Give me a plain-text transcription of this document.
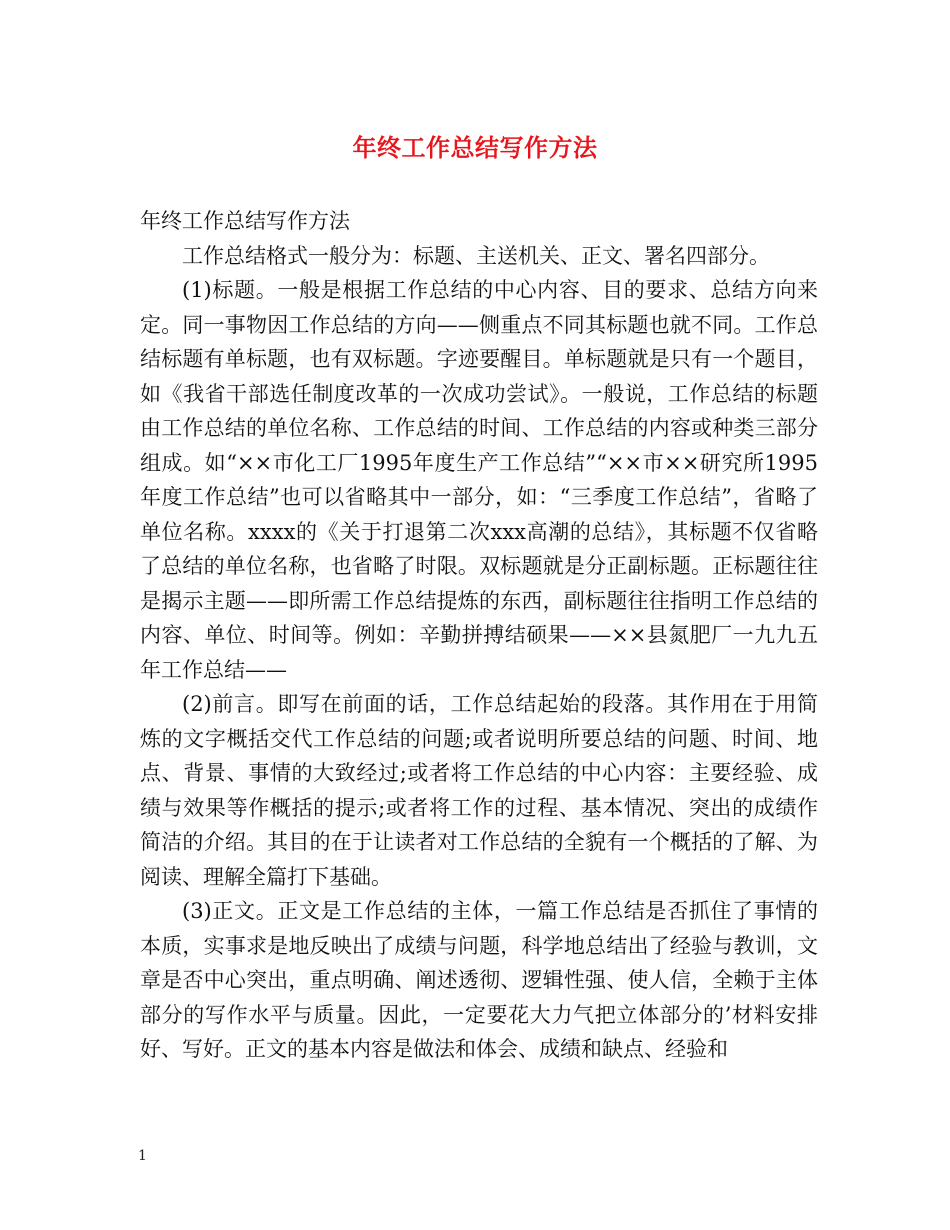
年终工作总结写作方法

年终工作总结写作方法

工作总结格式一般分为：标题、主送机关、正文、署名四部分。

(1)标题。一般是根据工作总结的中心内容、目的要求、总结方向来定。同一事物因工作总结的方向——侧重点不同其标题也就不同。工作总结标题有单标题，也有双标题。字迹要醒目。单标题就是只有一个题目，如《我省干部选任制度改革的一次成功尝试》。一般说，工作总结的标题由工作总结的单位名称、工作总结的时间、工作总结的内容或种类三部分组成。如“××市化工厂1995年度生产工作总结”“××市××研究所1995年度工作总结”也可以省略其中一部分，如：“三季度工作总结”，省略了单位名称。xxxx的《关于打退第二次xxx高潮的总结》，其标题不仅省略了总结的单位名称，也省略了时限。双标题就是分正副标题。正标题往往是揭示主题——即所需工作总结提炼的东西，副标题往往指明工作总结的内容、单位、时间等。例如：辛勤拼搏结硕果——××县氮肥厂一九九五年工作总结——

(2)前言。即写在前面的话，工作总结起始的段落。其作用在于用简炼的文字概括交代工作总结的问题;或者说明所要总结的问题、时间、地点、背景、事情的大致经过;或者将工作总结的中心内容：主要经验、成绩与效果等作概括的提示;或者将工作的过程、基本情况、突出的成绩作简洁的介绍。其目的在于让读者对工作总结的全貌有一个概括的了解、为阅读、理解全篇打下基础。

(3)正文。正文是工作总结的主体，一篇工作总结是否抓住了事情的本质，实事求是地反映出了成绩与问题，科学地总结出了经验与教训，文章是否中心突出，重点明确、阐述透彻、逻辑性强、使人信，全赖于主体部分的写作水平与质量。因此，一定要花大力气把立体部分的’材料安排好、写好。正文的基本内容是做法和体会、成绩和缺点、经验和

1
